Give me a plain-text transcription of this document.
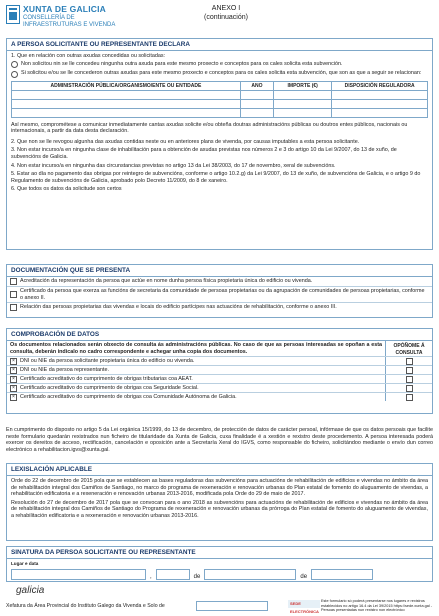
XUNTA DE GALICIA
CONSELLERÍA DE
INFRAESTRUTURAS E VIVENDA
ANEXO I
(continuación)
A PERSOA SOLICITANTE OU REPRESENTANTE DECLARA
1. Que en relación con outras axudas concedidas ou solicitadas:
Non solicitou nin se lle concedeu ningunha outra axuda para este mesmo proxecto e conceptos para os cales solicita esta subvención.
Si solicitou e/ou se lle concederon outras axudas para este mesmo proxecto e conceptos para os cales solicita esta subvención, que son as que a seguir se relacionan:
ADMINISTRACIÓN PÚBLICA/ORGANISMO/ENTE OU ENTIDADE	ANO	IMPORTE (€)	DISPOSICIÓN REGULADORA

Así mesmo, comprométese a comunicar inmediatamente cantas axudas solicite e/ou obteña doutras administracións públicas ou doutros entes públicos, nacionais ou internacionais, a partir da data desta declaración.
2. Que non se lle revogou algunha das axudas contidas neste ou en anteriores plans de vivenda, por causas imputables a esta persoa solicitante.
3. Non estar incurso/a en ningunha clase de inhabilitación para a obtención de axudas previstas nos números 2 e 3 do artigo 10 da Lei 9/2007, do 13 de xuño, de subvencións de Galicia.
4. Non estar incurso/a en ningunha das circunstancias previstas no artigo 13 da Lei 38/2003, do 17 de novembro, xeral de subvencións.
5. Estar ao día no pagamento das obrigas por reintegro de subvencións, conforme o artigo 10.2.g) da Lei 9/2007, do 13 de xuño, de subvencións de Galicia, e o artigo 9 do Regulamento de subvencións de Galicia, aprobado polo Decreto 11/2009, do 8 de xaneiro.
6. Que todos os datos da solicitude son certos
DOCUMENTACIÓN QUE SE PRESENTA
Acreditación da representación da persoa que actúe en nome dunha persoa física propietaria única do edificio ou vivenda.
Certificado da persoa que exerza as funcións de secretaria da comunidade de persoas propietarias ou da agrupación de comunidades de persoas propietarias, conforme o anexo II.
Relación das persoas propietarias das vivendas e locais do edificio partícipes nas actuacións de rehabilitación, conforme o anexo III.
COMPROBACIÓN DE DATOS
Os documentos relacionados serán obxecto de consulta ás administracións públicas. No caso de que as persoas interesadas se opoñan a esta consulta, deberán indicalo no cadro correspondente e achegar unha copia dos documentos.
OPÓÑOME Á
CONSULTA
× DNI ou NIE da persoa solicitante propietaria única do edificio ou vivenda.
× DNI ou NIE da persoa representante.
× Certificado acreditativo do cumprimento de obrigas tributarias coa AEAT.
× Certificado acreditativo do cumprimento de obrigas coa Seguridade Social.
× Certificado acreditativo do cumprimento de obrigas coa Comunidade Autónoma de Galicia.
En cumprimento do disposto no artigo 5 da Lei orgánica 15/1999, do 13 de decembro, de protección de datos de carácter persoal, infórmase de que os datos persoais que facilite neste formulario quedarán rexistrados nun ficheiro de titularidade da Xunta de Galicia, cuxa finalidade é a xestión e rexistro deste procedemento. A persoa interesada poderá exercer os dereitos de acceso, rectificación, cancelación e oposición ante a Secretaría Xeral do IGVS, como responsable do ficheiro, solicitándoo mediante o envío dun correo electrónico a rehabilitacion.igvs@xunta.gal.
LEXISLACIÓN APLICABLE
Orde do 22 de decembro de 2015 pola que se establecen as bases reguladoras das subvencións para actuacións de rehabilitación de edificios e vivendas no ámbito da área de rehabilitación integral dos Camiños de Santiago, no marco do programa de rexeneración e renovación urbanas do Plan estatal de fomento do aluguamento de vivendas, a rehabilitación edificatoria e a rexeneración e renovación urbanas 2013-2016, modificada pola Orde do 29 de maio de 2017.
Resolución do 27 de decembro de 2017 pola que se convocan para o ano 2018 as subvencións para actuacións de rehabilitación de edificios e vivendas no ámbito da área de rehabilitación integral dos Camiños de Santiago do Programa de rexeneración e renovación urbanas da prórroga do Plan estatal de fomento do aluguamento de vivendas, a rehabilitación edificatoria e a rexeneración e renovación urbanas 2013-2016.
SINATURA DA PERSOA SOLICITANTE OU REPRESENTANTE
Lugar e data
,	de	de
galicia
Xefatura da Área Provincial do Instituto Galego da Vivenda e Solo de	SEDE ELECTRÓNICA
Este formulario só poderá presentarse nos lugares e rexistros establecidos no artigo 16.4 da Lei 39/2015 https://sede.xunta.gal - Persoas presentadas nun rexistro non electrónico
